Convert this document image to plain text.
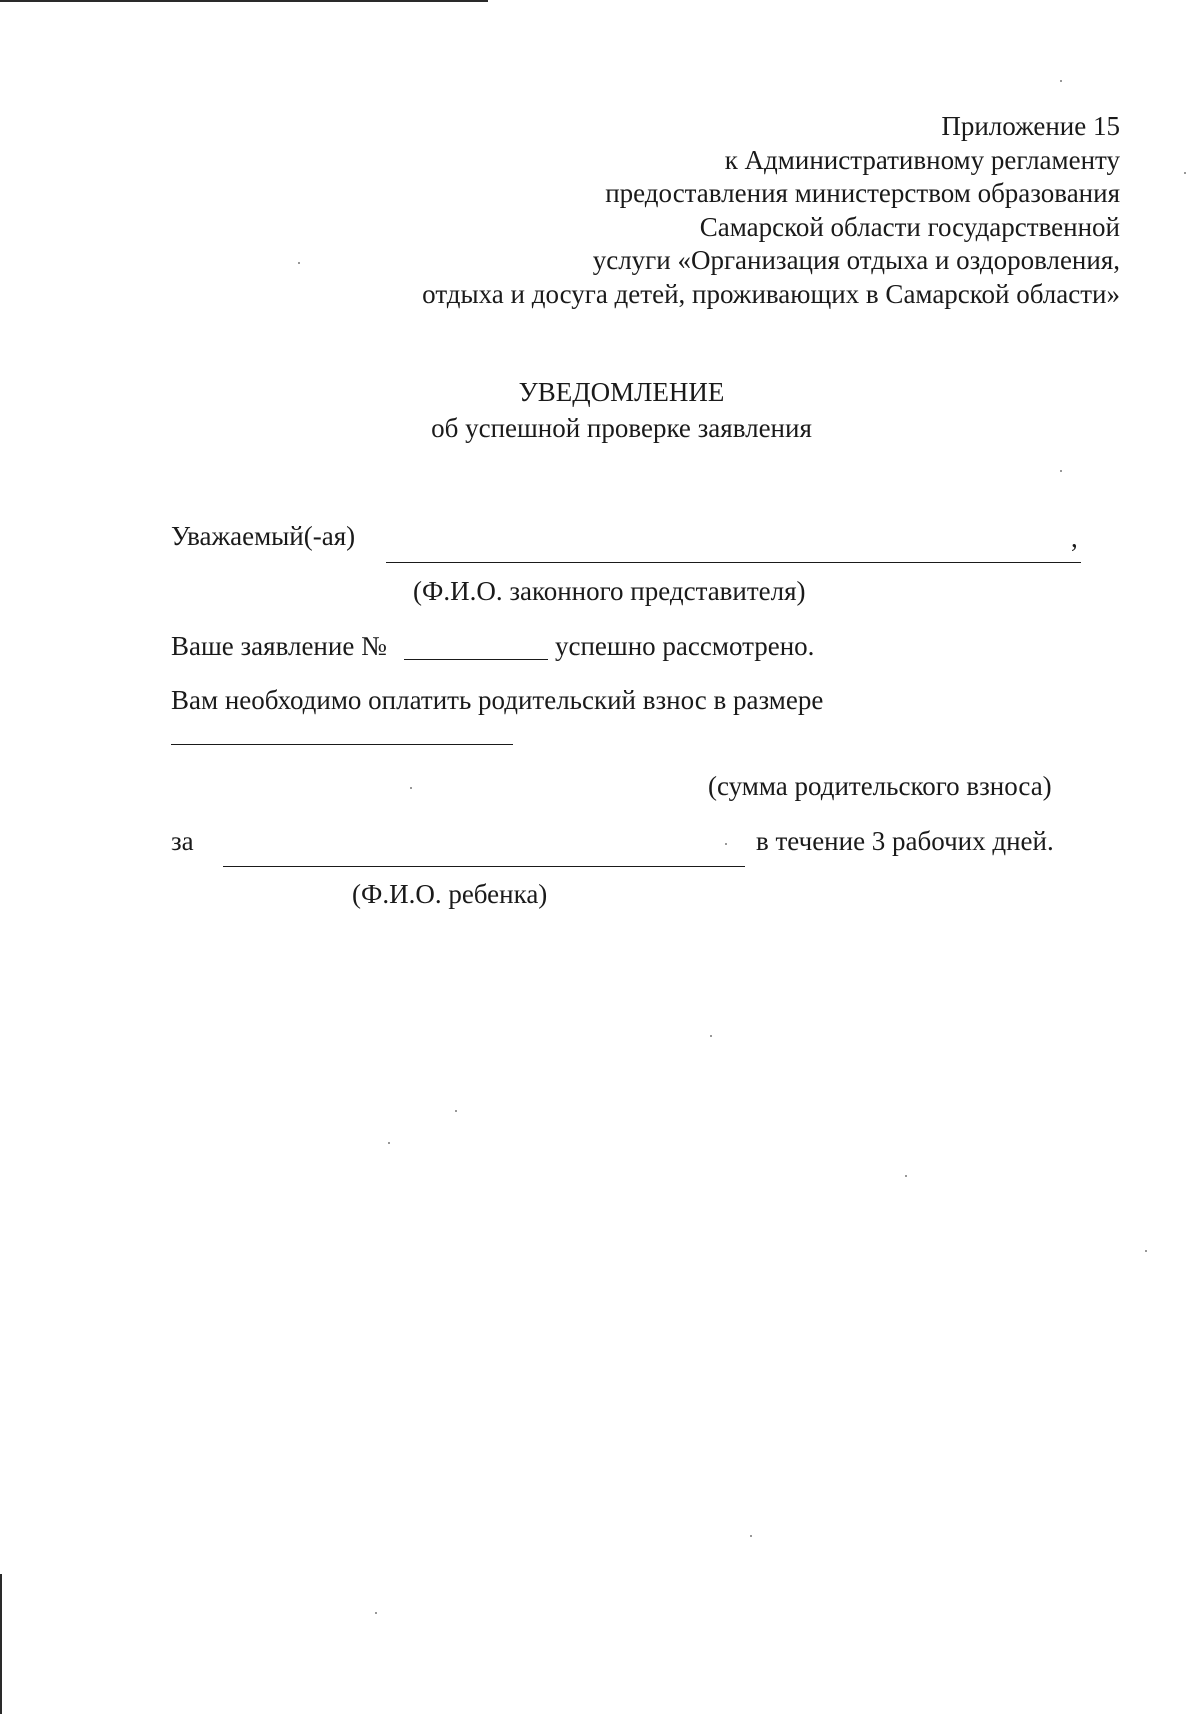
Приложение 15
к Административному регламенту
предоставления министерством образования
Самарской области государственной
услуги «Организация отдыха и оздоровления,
отдыха и досуга детей, проживающих в Самарской области»
УВЕДОМЛЕНИЕ
об успешной проверке заявления
Уважаемый(-ая)	,
(Ф.И.О. законного представителя)
Ваше заявление №	успешно рассмотрено.
Вам необходимо оплатить родительский взнос в размере
(сумма родительского взноса)
за	в течение 3 рабочих дней.
(Ф.И.О. ребенка)
